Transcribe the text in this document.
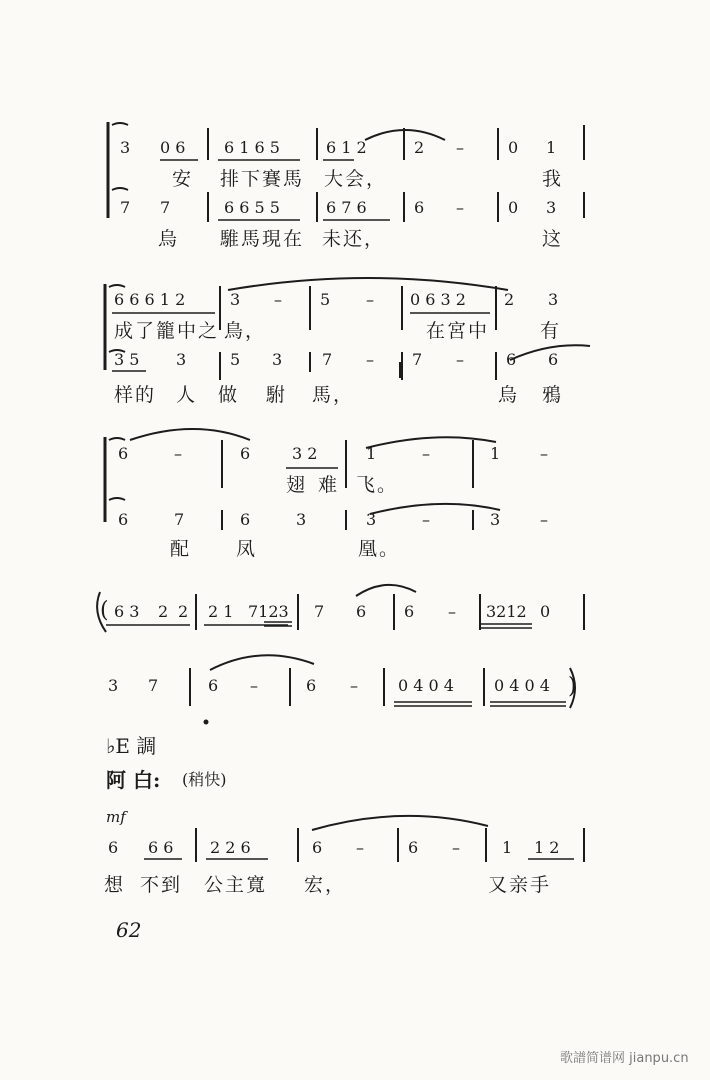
3 0 6 6 1 6 5	6 1 2	2 –	0 1
安 排下賽馬 大会，	我
7 7	6 6 5 5	6 7 6	6 –	0 3
烏 騅馬現在 未还，	这
6 6 6 1 2	3 – 5 – 0 6 3 2 2 3
成了籠中之 鳥，	在宮中	有
3 5 3	5 3 7 – 7 –	6 6
样的 人 做 駙 馬，	烏 鴉
6	–	6	3 2	1	–	1 –
翅 难 飞。
6	7	6	3	3	–	3 –
配 凤	凰。
( 6 3 2 2 2 1 7123 7 6 6 – 3212 0
3 7	6 –	6 –	0 4 0 4	0 4 0 4 )
♭E 調
阿 白: (稍快)
mf
6 6 6 2 2 6	6 –	6 –	1 1 2
想 不到 公主寬 宏，	又亲手
62
歌譜简谱网 jianpu.cn
